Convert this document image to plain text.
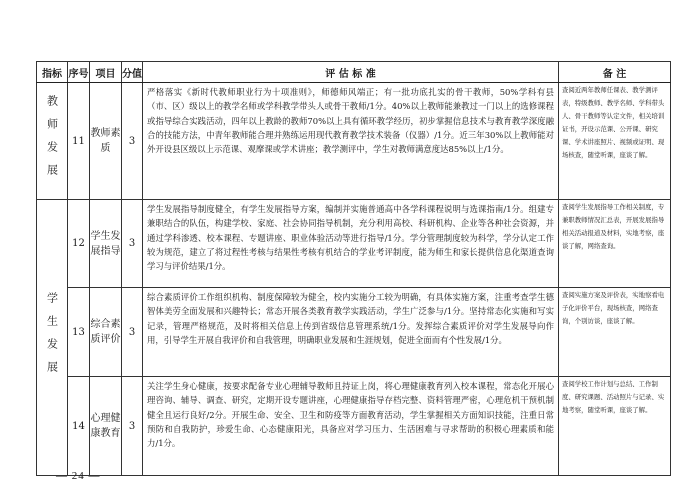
指标	序号	项目	分值	评 估 标 准	备 注

教师发展	11	教师素质	3	严格落实《新时代教师职业行为十项准则》，师德师风端正；有一批功底扎实的骨干教师，50%学科有县（市、区）级以上的教学名师或学科教学带头人或骨干教师/1分。40%以上教师能兼教过一门以上的选修课程或指导综合实践活动，四年以上教龄的教师70%以上具有循环教学经历，初步掌握信息技术与教育教学深度融合的技能方法，中青年教师能合理并熟练运用现代教育教学技术装备（仪器）/1分。近三年30%以上教师能对外开设县区级以上示范课、观摩课或学术讲座；教学测评中，学生对教师满意度达85%以上/1分。	查阅近两年教师任课表、教学测评表，特级教师、教学名师、学科带头人、骨干教师等认定文件，相关培训证书，开设示范课、公开课、研究课、学术讲座照片、视频或证明、现场核查，随堂听课，座谈了解。

学生发展	12	学生发展指导	3	学生发展指导制度健全，有学生发展指导方案，编制并实施普通高中各学科课程说明与选课指南/1分。组建专兼职结合的队伍，构建学校、家庭、社会协同指导机制，充分利用高校、科研机构、企业等各种社会资源，并通过学科渗透、校本课程、专题讲座、职业体验活动等进行指导/1分。学分管理制度较为科学，学分认定工作较为规范，建立了将过程性考核与结果性考核有机结合的学业考评制度，能为师生和家长提供信息化渠道查询学习与评价结果/1分。	查阅学生发展指导工作相关制度，专兼职教师情况汇总表，开展发展指导相关活动报道及材料，实地考察，座谈了解，网络查询。
	13	综合素质评价	3	综合素质评价工作组织机构、制度保障较为健全，校内实施分工较为明确，有具体实施方案，注重考查学生德智体美劳全面发展和兴趣特长；常态开展各类教育教学实践活动，学生广泛参与/1分。坚持常态化实施和写实记录，管理严格规范，及时将相关信息上传到省级信息管理系统/1分。发挥综合素质评价对学生发展导向作用，引导学生开展自我评价和自我管理，明确职业发展和生涯规划，促进全面而有个性发展/1分。	查阅实施方案及评价表，实地察看电子化评价平台，现场核查，网络查询，个别访谈，座谈了解。
	14	心理健康教育	3	关注学生身心健康，按要求配备专业心理辅导教师且持证上岗，将心理健康教育列入校本课程，常态化开展心理咨询、辅导、调查、研究，定期开设专题讲座，心理健康指导存档完整、资料管理严密，心理危机干预机制健全且运行良好/2分。开展生命、安全、卫生和防疫等方面教育活动，学生掌握相关方面知识技能，注重日常预防和自我防护，珍爱生命、心态健康阳光，具备应对学习压力、生活困难与寻求帮助的积极心理素质和能力/1分。	查阅学校工作计划与总结、工作制度、研究课题、活动照片与记录、实地考察，随堂听课，座谈了解。
— 24 —
